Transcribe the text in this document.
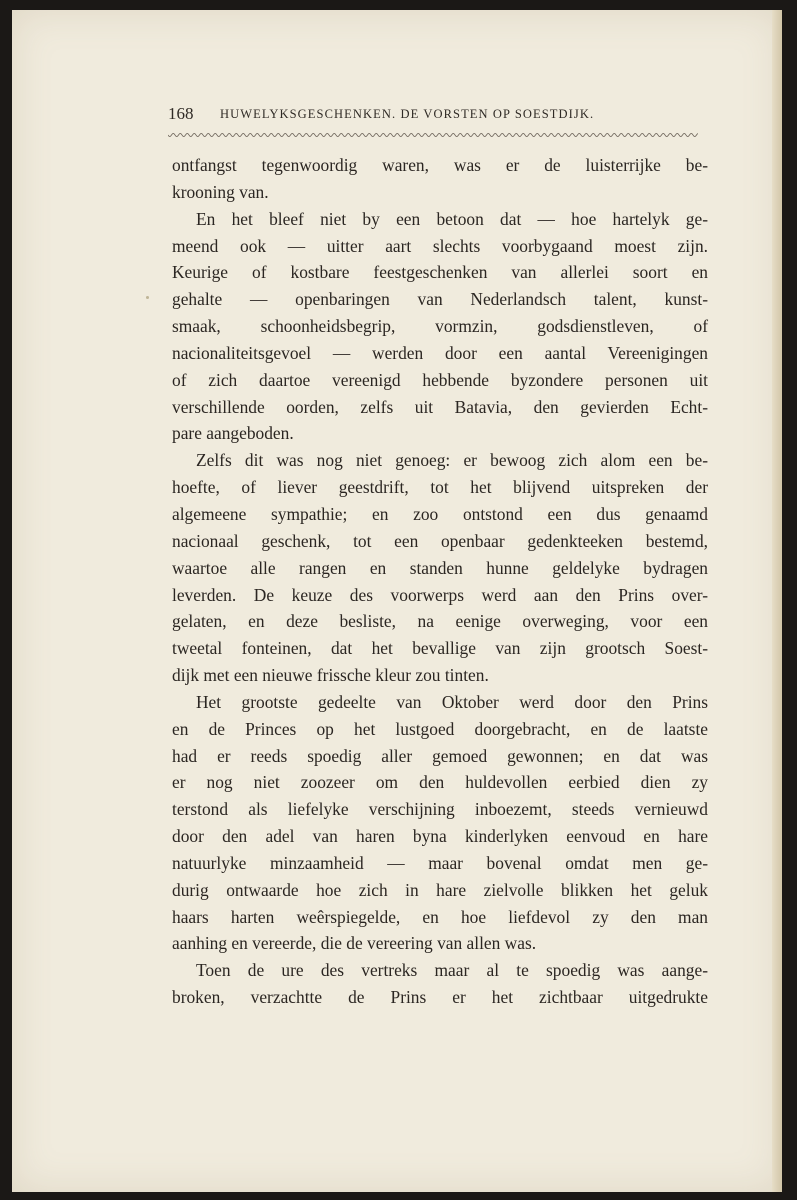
168 HUWELYKSGESCHENKEN. DE VORSTEN OP SOESTDIJK.
ontfangst tegenwoordig waren, was er de luisterrijke be-
krooning van.
En het bleef niet by een betoon dat — hoe hartelyk ge-
meend ook — uitter aart slechts voorbygaand moest zijn.
Keurige of kostbare feestgeschenken van allerlei soort en
gehalte — openbaringen van Nederlandsch talent, kunst-
smaak, schoonheidsbegrip, vormzin, godsdienstleven, of
nacionaliteitsgevoel — werden door een aantal Vereenigingen
of zich daartoe vereenigd hebbende byzondere personen uit
verschillende oorden, zelfs uit Batavia, den gevierden Echt-
pare aangeboden.
Zelfs dit was nog niet genoeg: er bewoog zich alom een be-
hoefte, of liever geestdrift, tot het blijvend uitspreken der
algemeene sympathie; en zoo ontstond een dus genaamd
nacionaal geschenk, tot een openbaar gedenkteeken bestemd,
waartoe alle rangen en standen hunne geldelyke bydragen
leverden. De keuze des voorwerps werd aan den Prins over-
gelaten, en deze besliste, na eenige overweging, voor een
tweetal fonteinen, dat het bevallige van zijn grootsch Soest-
dijk met een nieuwe frissche kleur zou tinten.
Het grootste gedeelte van Oktober werd door den Prins
en de Princes op het lustgoed doorgebracht, en de laatste
had er reeds spoedig aller gemoed gewonnen; en dat was
er nog niet zoozeer om den huldevollen eerbied dien zy
terstond als liefelyke verschijning inboezemt, steeds vernieuwd
door den adel van haren byna kinderlyken eenvoud en hare
natuurlyke minzaamheid — maar bovenal omdat men ge-
durig ontwaarde hoe zich in hare zielvolle blikken het geluk
haars harten weêrspiegelde, en hoe liefdevol zy den man
aanhing en vereerde, die de vereering van allen was.
Toen de ure des vertreks maar al te spoedig was aange-
broken, verzachtte de Prins er het zichtbaar uitgedrukte
